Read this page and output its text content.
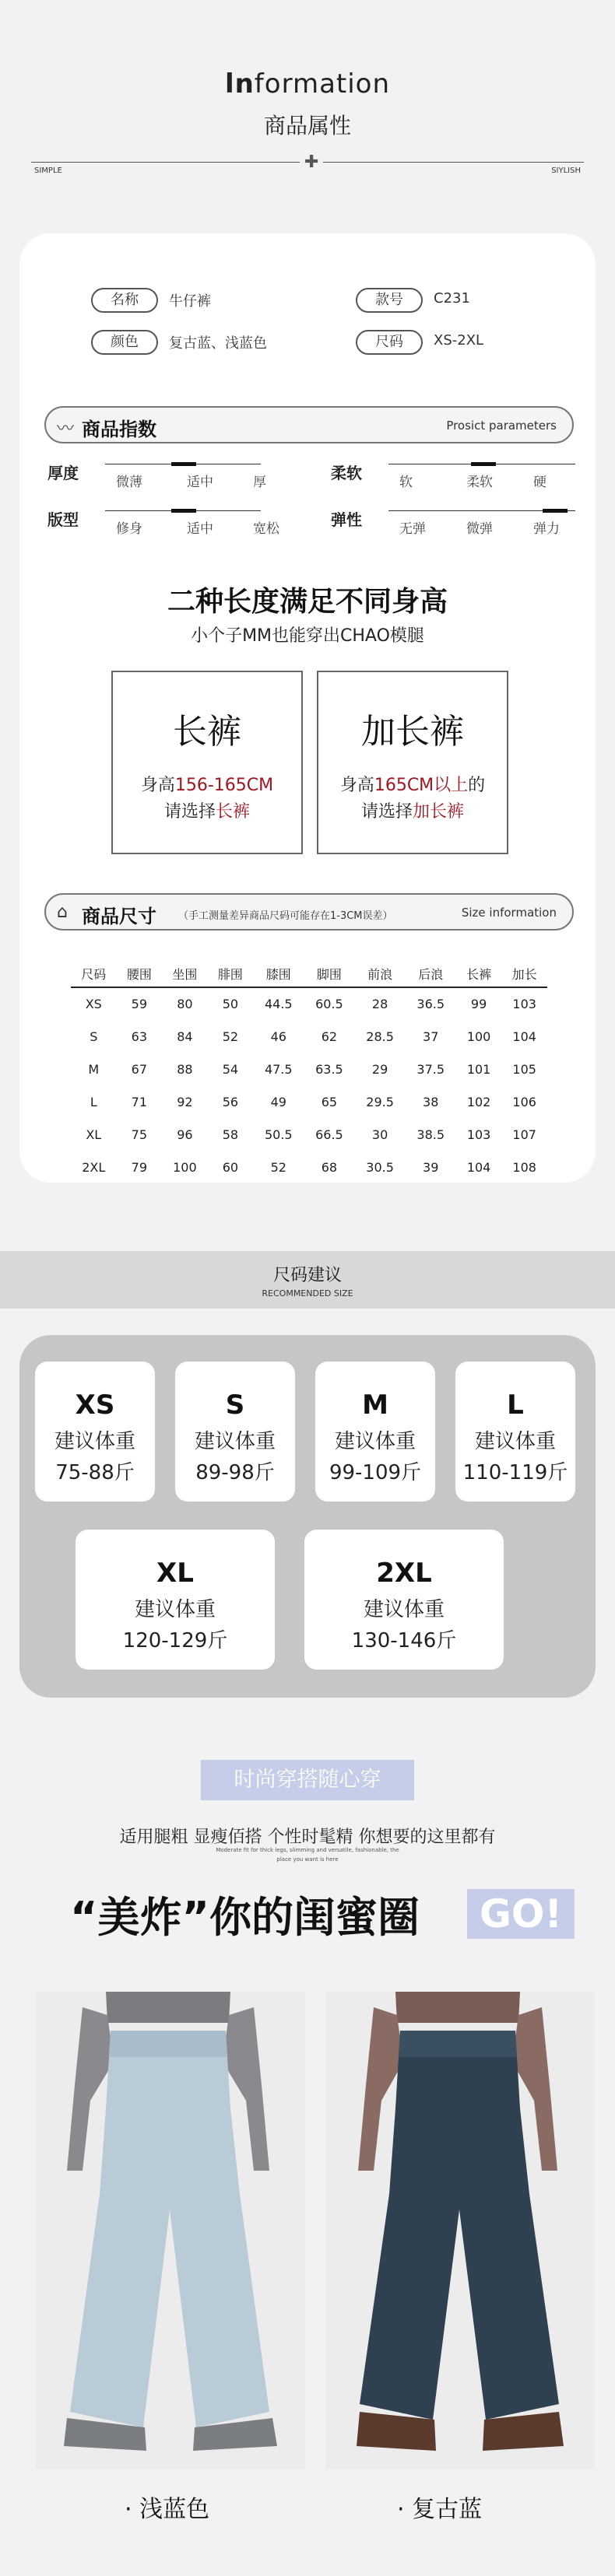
lnformation
商品属性
✚
SIMPLE	SIYLISH
名称	牛仔裤	款号	C231
颜色	复古蓝、浅蓝色	尺码	XS-2XL
〰 商品指数	Prosict parameters
厚度	微薄	适中	厚	柔软	软	柔软	硬
版型	修身	适中	宽松	弹性	无弹	微弹	弹力
二种长度满足不同身高
小个子MM也能穿出CHAO模腿
长裤
身高156-165CM
请选择长裤
加长裤
身高165CM以上的
请选择加长裤
⌂ 商品尺寸 （手工测量差异商品尺码可能存在1-3CM误差）	Size information
尺码	腰围	坐围	腓围	膝围	脚围	前浪	后浪	长裤	加长
XS	59	80	50	44.5	60.5	28	36.5	99	103
S	63	84	52	46	62	28.5	37	100	104
M	67	88	54	47.5	63.5	29	37.5	101	105
L	71	92	56	49	65	29.5	38	102	106
XL	75	96	58	50.5	66.5	30	38.5	103	107
2XL	79	100	60	52	68	30.5	39	104	108
尺码建议
RECOMMENDED SIZE
XS
建议体重
75-88斤
S
建议体重
89-98斤
M
建议体重
99-109斤
L
建议体重
110-119斤
XL
建议体重
120-129斤
2XL
建议体重
130-146斤
时尚穿搭随心穿
适用腿粗 显瘦佰搭 个性时髦精 你想要的这里都有
Moderate fit for thick legs, slimming and versatile, fashionable, the
place you want is here
“美炸”你的闺蜜圈	GO!
· 浅蓝色	· 复古蓝
